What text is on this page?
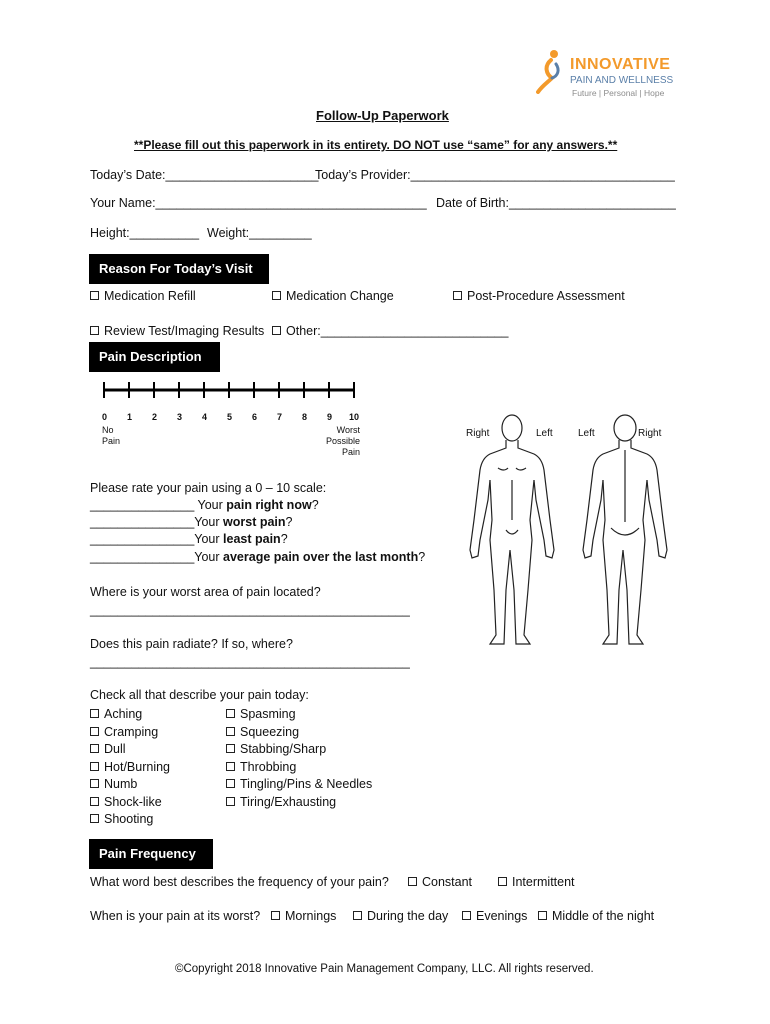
INNOVATIVE
PAIN AND WELLNESS
Future | Personal | Hope
Follow-Up Paperwork
**Please fill out this paperwork in its entirety. DO NOT use “same” for any answers.**
Today’s Date:______________________
Today’s Provider:______________________________________
Your Name:_______________________________________ Date of Birth:________________________
Height:__________ Weight:_________
Reason For Today’s Visit
Medication Refill	Medication Change	Post-Procedure Assessment
Review Test/Imaging Results	Other:___________________________
Pain Description
0 1 2 3 4 5 6 7 8 9 10
No
Pain
Worst
Possible
Pain
Right	Left	Left	Right
Please rate your pain using a 0 – 10 scale:
_______________ Your pain right now?
_______________Your worst pain?
_______________Your least pain?
_______________Your average pain over the last month?
Where is your worst area of pain located?
______________________________________________
Does this pain radiate? If so, where?
______________________________________________
Check all that describe your pain today:
Aching
Cramping
Dull
Hot/Burning
Numb
Shock-like
Shooting
Spasming
Squeezing
Stabbing/Sharp
Throbbing
Tingling/Pins & Needles
Tiring/Exhausting
Pain Frequency
What word best describes the frequency of your pain?	Constant	Intermittent
When is your pain at its worst?	Mornings	During the day	Evenings	Middle of the night
©Copyright 2018 Innovative Pain Management Company, LLC. All rights reserved.
